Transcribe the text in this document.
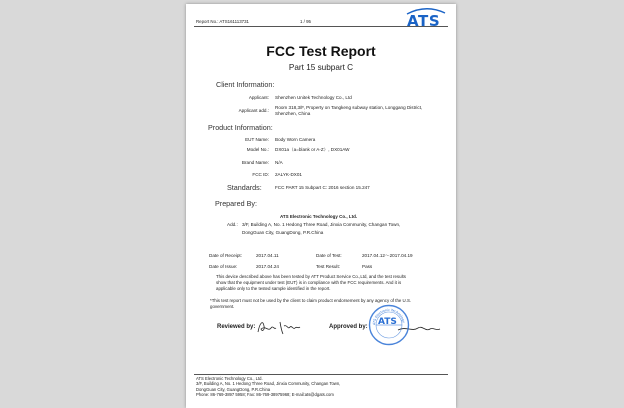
Report No.: ATS161113731	1 / 95	ATS
FCC Test Report
Part 15 subpart C
Client Information:
Applicant: Shenzhen Unitek Technology Co., Ltd
Applicant add.:
Room 318,3/F, Property on Tangkeng subway station, Longgang District,
Shenzhen, China
Product Information:
EUT Name: Body Worn Camera
Model No.: DX01a（a=blank or A-Z）, DX01AW
Brand Name: N/A
FCC ID: 2ALYK-DX01
Standards:	FCC PART 15 Subpart C: 2016 section 15.247
Prepared By:
ATS Electronic Technology Co., Ltd.
Add.: 3/F, Building A, No. 1 Hedong Three Road, Jinxia Community, Changan Town,
DongGuan City, GuangDong, P.R.China
Date of Receipt:	2017.04.11	Date of Test:	2017.04.12～2017.04.19
Date of Issue:	2017.04.24	Test Result:	Pass
This device described above has been tested by ATT Product Service Co.,Ltd, and the test results
show that the equipment under test (EUT) is in compliance with the FCC requirements. And it is
applicable only to the tested sample identified in the report.
*This test report must not be used by the client to claim product endorsement by any agency of the U.S.
government.
Reviewed by:	Approved by:	ATS Electronic Technology
ATS
ATS Electronic Technology Co., Ltd.
3/F, Building A, No. 1 Hedong Three Road, Jinxia Community, Changan Town,
DongGuan City, GuangDong, P.R.China
Phone: 86-769-3897 5958; Fax: 86-769-38975968; E-mail:ats@dgats.com
